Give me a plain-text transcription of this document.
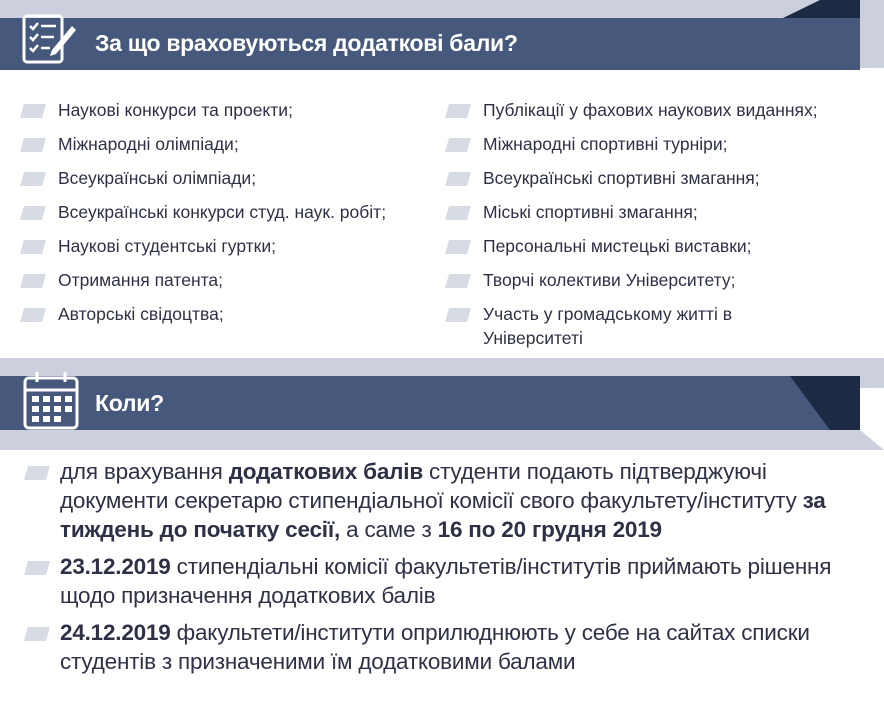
За що враховуються додаткові бали?
Наукові конкурси та проекти;
Міжнародні олімпіади;
Всеукраїнські олімпіади;
Всеукраїнські конкурси студ. наук. робіт;
Наукові студентські гуртки;
Отримання патента;
Авторські свідоцтва;
Публікації у фахових наукових виданнях;
Міжнародні спортивні турніри;
Всеукраїнські спортивні змагання;
Міські спортивні змагання;
Персональні мистецькі виставки;
Творчі колективи Університету;
Участь у громадському житті в
Університеті
Коли?
для врахування додаткових балів студенти подають підтверджуючі документи секретарю стипендіальної комісії свого факультету/інституту за тиждень до початку сесії, а саме з 16 по 20 грудня 2019
23.12.2019 стипендіальні комісії факультетів/інститутів приймають рішення щодо призначення додаткових балів
24.12.2019 факультети/інститути оприлюднюють у себе на сайтах списки студентів з призначеними їм додатковими балами
